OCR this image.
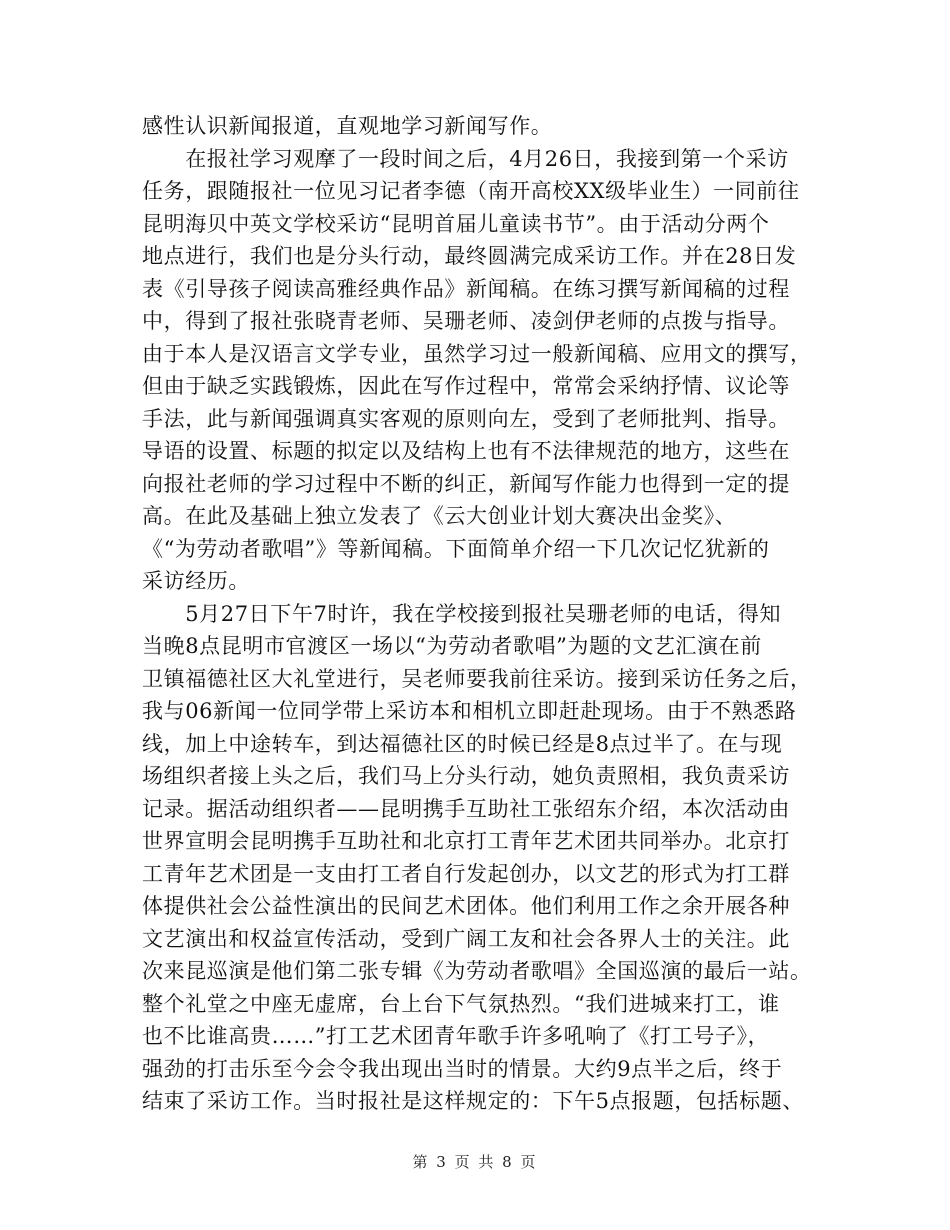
感性认识新闻报道，直观地学习新闻写作。
　　在报社学习观摩了一段时间之后，4月26日，我接到第一个采访
任务，跟随报社一位见习记者李德（南开高校XX级毕业生）一同前往
昆明海贝中英文学校采访“昆明首届儿童读书节”。由于活动分两个
地点进行，我们也是分头行动，最终圆满完成采访工作。并在28日发
表《引导孩子阅读高雅经典作品》新闻稿。在练习撰写新闻稿的过程
中，得到了报社张晓青老师、吴珊老师、凌剑伊老师的点拨与指导。
由于本人是汉语言文学专业，虽然学习过一般新闻稿、应用文的撰写，
但由于缺乏实践锻炼，因此在写作过程中，常常会采纳抒情、议论等
手法，此与新闻强调真实客观的原则向左，受到了老师批判、指导。
导语的设置、标题的拟定以及结构上也有不法律规范的地方，这些在
向报社老师的学习过程中不断的纠正，新闻写作能力也得到一定的提
高。在此及基础上独立发表了《云大创业计划大赛决出金奖》、
《“为劳动者歌唱”》等新闻稿。下面简单介绍一下几次记忆犹新的
采访经历。
　　5月27日下午7时许，我在学校接到报社吴珊老师的电话，得知
当晚8点昆明市官渡区一场以“为劳动者歌唱”为题的文艺汇演在前
卫镇福德社区大礼堂进行，吴老师要我前往采访。接到采访任务之后，
我与06新闻一位同学带上采访本和相机立即赶赴现场。由于不熟悉路
线，加上中途转车，到达福德社区的时候已经是8点过半了。在与现
场组织者接上头之后，我们马上分头行动，她负责照相，我负责采访
记录。据活动组织者——昆明携手互助社工张绍东介绍，本次活动由
世界宣明会昆明携手互助社和北京打工青年艺术团共同举办。北京打
工青年艺术团是一支由打工者自行发起创办，以文艺的形式为打工群
体提供社会公益性演出的民间艺术团体。他们利用工作之余开展各种
文艺演出和权益宣传活动，受到广阔工友和社会各界人士的关注。此
次来昆巡演是他们第二张专辑《为劳动者歌唱》全国巡演的最后一站。
整个礼堂之中座无虚席，台上台下气氛热烈。“我们进城来打工，谁
也不比谁高贵……”打工艺术团青年歌手许多吼响了《打工号子》，
强劲的打击乐至今会令我出现出当时的情景。大约9点半之后，终于
结束了采访工作。当时报社是这样规定的：下午5点报题，包括标题、
第 3 页 共 8 页
